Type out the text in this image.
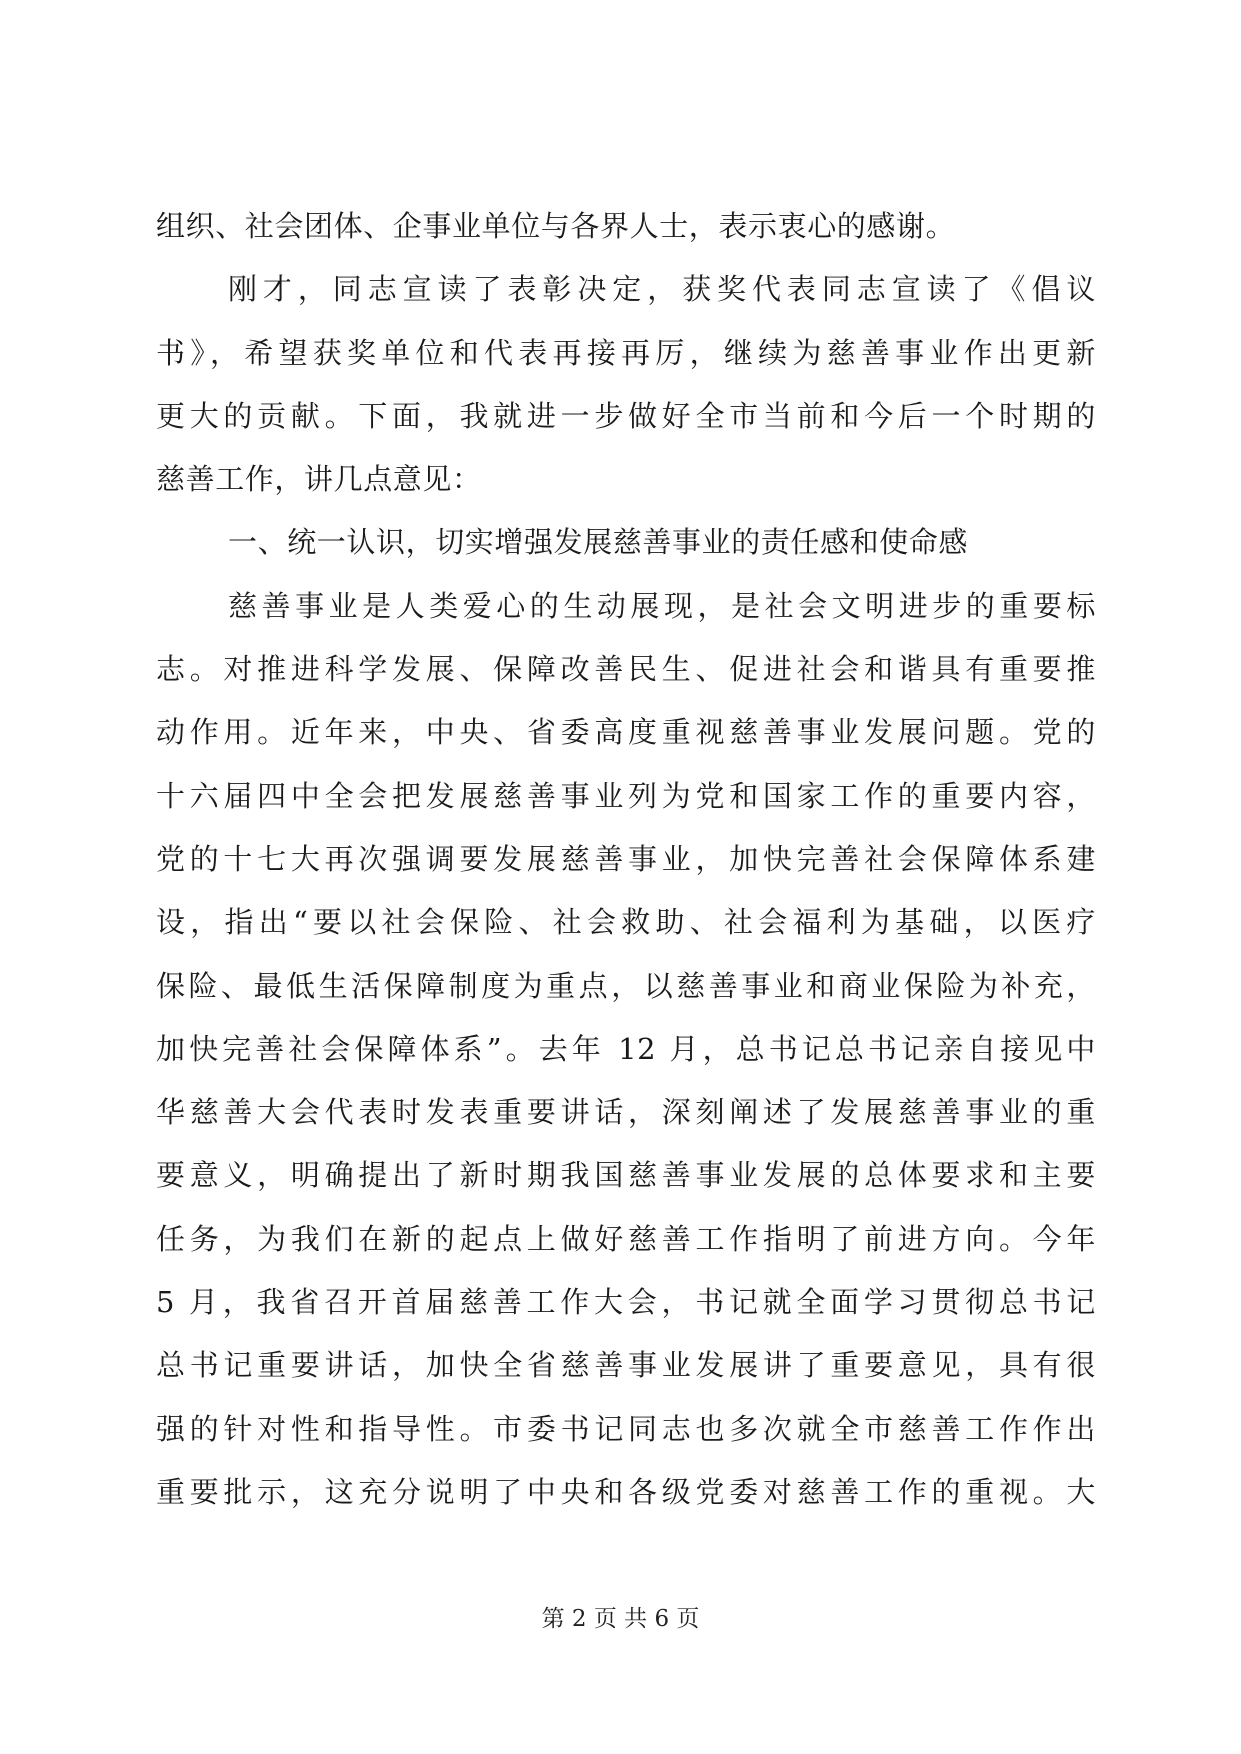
组织、社会团体、企事业单位与各界人士，表示衷心的感谢。
刚才，同志宣读了表彰决定，获奖代表同志宣读了《倡议
书》，希望获奖单位和代表再接再厉，继续为慈善事业作出更新
更大的贡献。下面，我就进一步做好全市当前和今后一个时期的
慈善工作，讲几点意见：
一、统一认识，切实增强发展慈善事业的责任感和使命感
慈善事业是人类爱心的生动展现，是社会文明进步的重要标
志。对推进科学发展、保障改善民生、促进社会和谐具有重要推
动作用。近年来，中央、省委高度重视慈善事业发展问题。党的
十六届四中全会把发展慈善事业列为党和国家工作的重要内容，
党的十七大再次强调要发展慈善事业，加快完善社会保障体系建
设，指出“要以社会保险、社会救助、社会福利为基础，以医疗
保险、最低生活保障制度为重点，以慈善事业和商业保险为补充，
加快完善社会保障体系”。去年 12 月，总书记总书记亲自接见中
华慈善大会代表时发表重要讲话，深刻阐述了发展慈善事业的重
要意义，明确提出了新时期我国慈善事业发展的总体要求和主要
任务，为我们在新的起点上做好慈善工作指明了前进方向。今年
5 月，我省召开首届慈善工作大会，书记就全面学习贯彻总书记
总书记重要讲话，加快全省慈善事业发展讲了重要意见，具有很
强的针对性和指导性。市委书记同志也多次就全市慈善工作作出
重要批示，这充分说明了中央和各级党委对慈善工作的重视。大
第 2 页 共 6 页
